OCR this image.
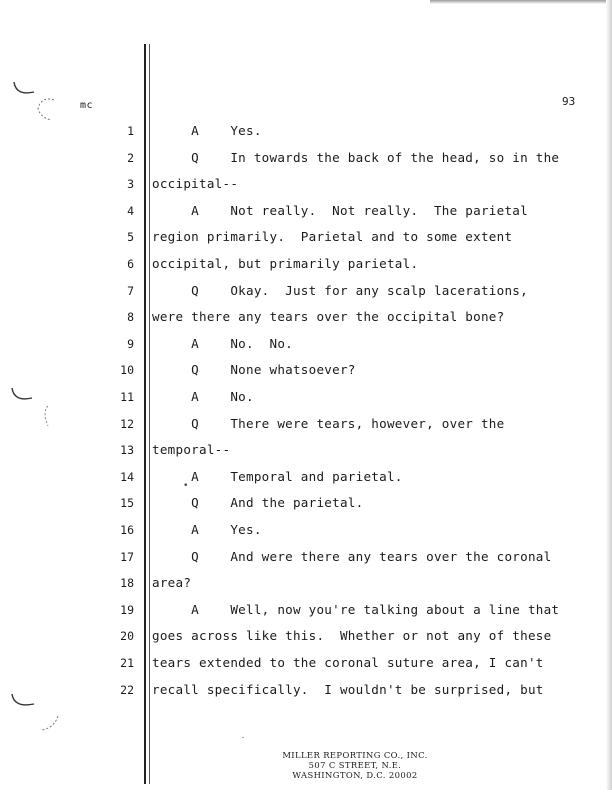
mc	93
1 A    Yes.
2 Q    In towards the back of the head, so in the
3 occipital--
4 A    Not really.  Not really.  The parietal
5 region primarily.  Parietal and to some extent
6 occipital, but primarily parietal.
7 Q    Okay.  Just for any scalp lacerations,
8 were there any tears over the occipital bone?
9 A    No.  No.
10 Q    None whatsoever?
11 A    No.
12 Q    There were tears, however, over the
13 temporal--
14 A    Temporal and parietal.
15 Q    And the parietal.
16 A    Yes.
17 Q    And were there any tears over the coronal
18 area?
19 A    Well, now you're talking about a line that
20 goes across like this.  Whether or not any of these
21 tears extended to the coronal suture area, I can't
22 recall specifically.  I wouldn't be surprised, but
•
·
MILLER REPORTING CO., INC.
507 C STREET, N.E.
WASHINGTON, D.C. 20002
